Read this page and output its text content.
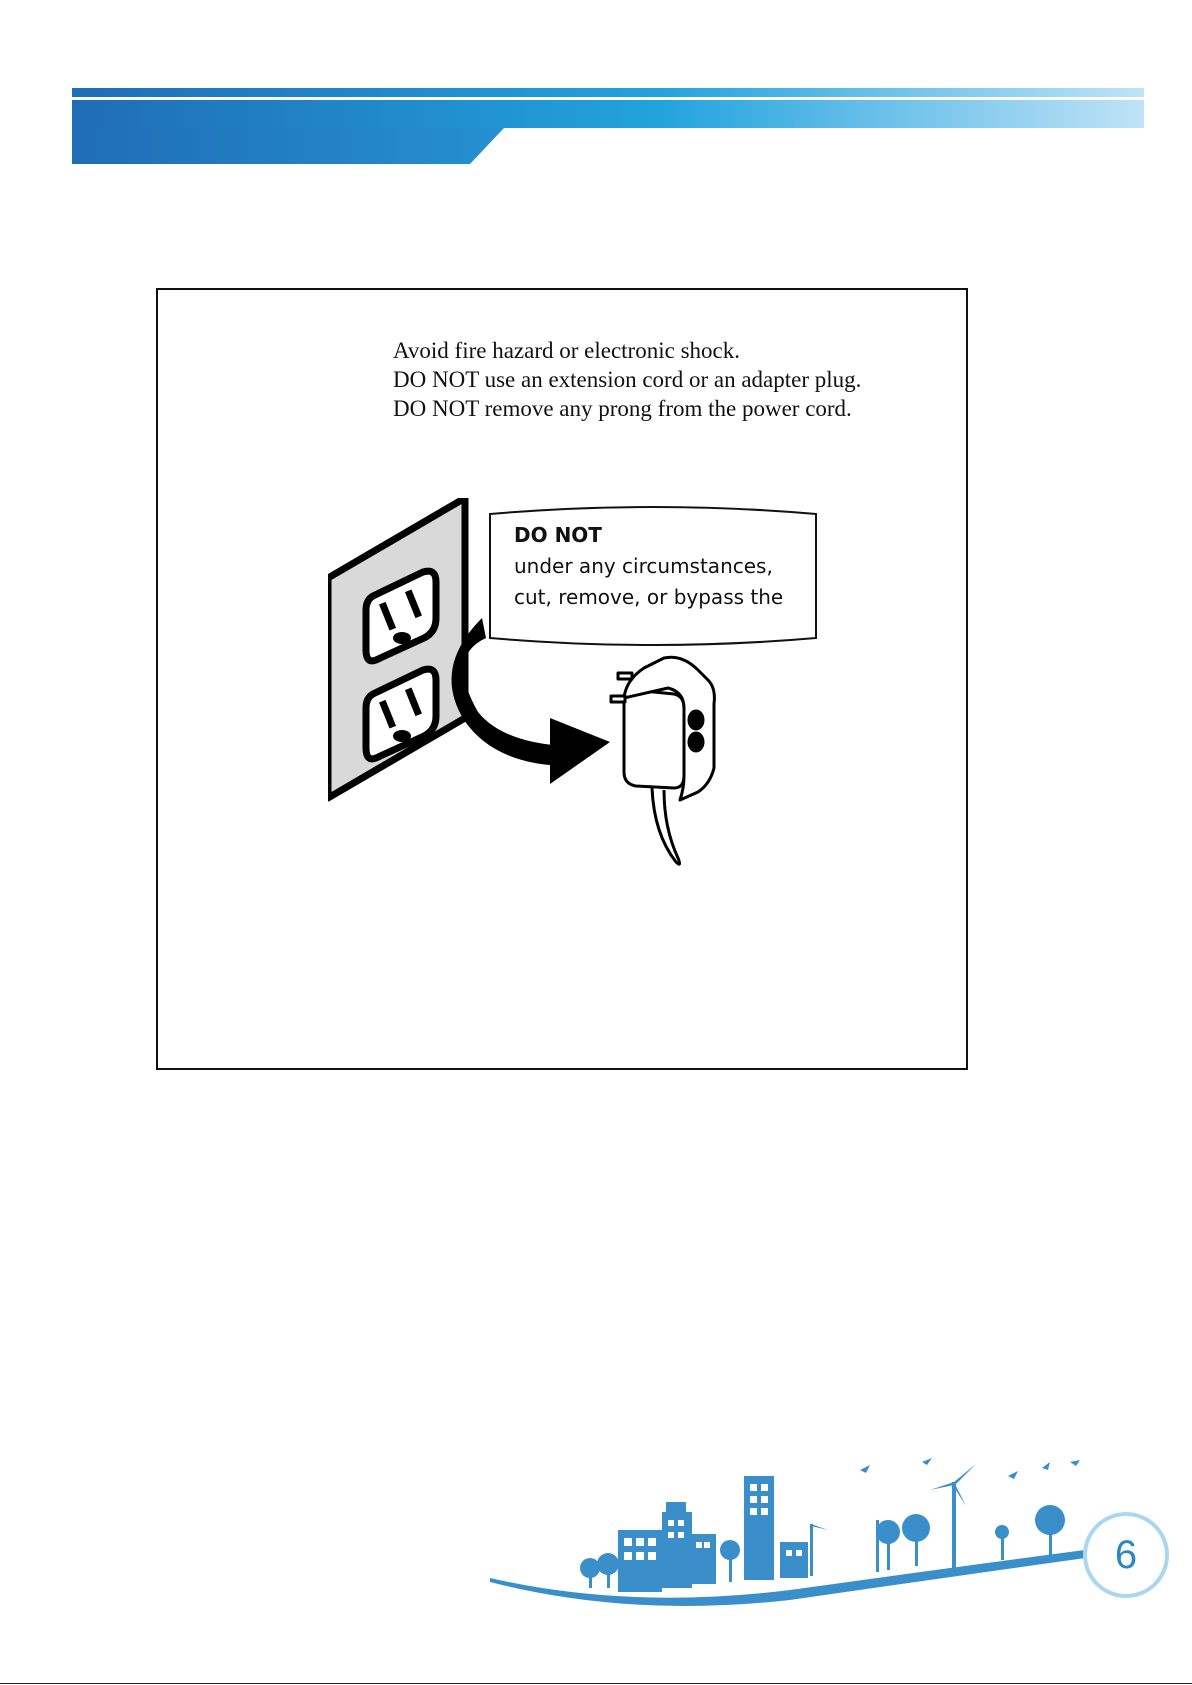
Avoid fire hazard or electronic shock.
DO NOT use an extension cord or an adapter plug.
DO NOT remove any prong from the power cord.
DO NOT
under any circumstances,
cut, remove, or bypass the
6
